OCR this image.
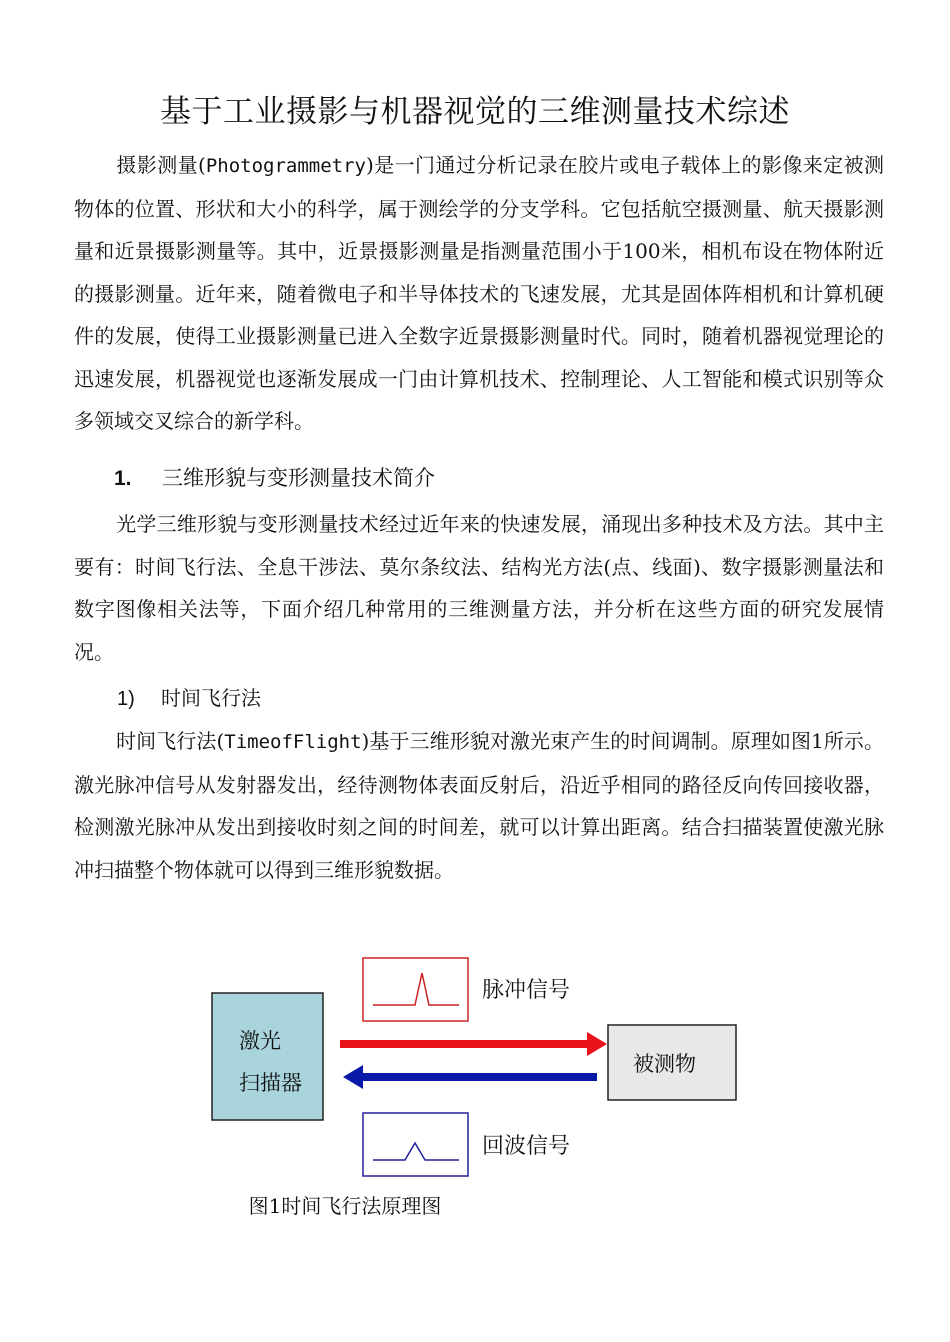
基于工业摄影与机器视觉的三维测量技术综述

摄影测量(Photogrammetry)是一门通过分析记录在胶片或电子载体上的影像来定被测物体的位置、形状和大小的科学，属于测绘学的分支学科。它包括航空摄测量、航天摄影测量和近景摄影测量等。其中，近景摄影测量是指测量范围小于100米，相机布设在物体附近的摄影测量。近年来，随着微电子和半导体技术的飞速发展，尤其是固体阵相机和计算机硬件的发展，使得工业摄影测量已进入全数字近景摄影测量时代。同时，随着机器视觉理论的迅速发展，机器视觉也逐渐发展成一门由计算机技术、控制理论、人工智能和模式识别等众多领域交叉综合的新学科。

1. 三维形貌与变形测量技术简介

光学三维形貌与变形测量技术经过近年来的快速发展，涌现出多种技术及方法。其中主要有：时间飞行法、全息干涉法、莫尔条纹法、结构光方法(点、线面)、数字摄影测量法和数字图像相关法等，下面介绍几种常用的三维测量方法，并分析在这些方面的研究发展情况。

1) 时间飞行法

时间飞行法(TimeofFlight)基于三维形貌对激光束产生的时间调制。原理如图1所示。激光脉冲信号从发射器发出，经待测物体表面反射后，沿近乎相同的路径反向传回接收器，检测激光脉冲从发出到接收时刻之间的时间差，就可以计算出距离。结合扫描装置使激光脉冲扫描整个物体就可以得到三维形貌数据。

脉冲信号
激光
扫描器
被测物
回波信号
图1时间飞行法原理图
